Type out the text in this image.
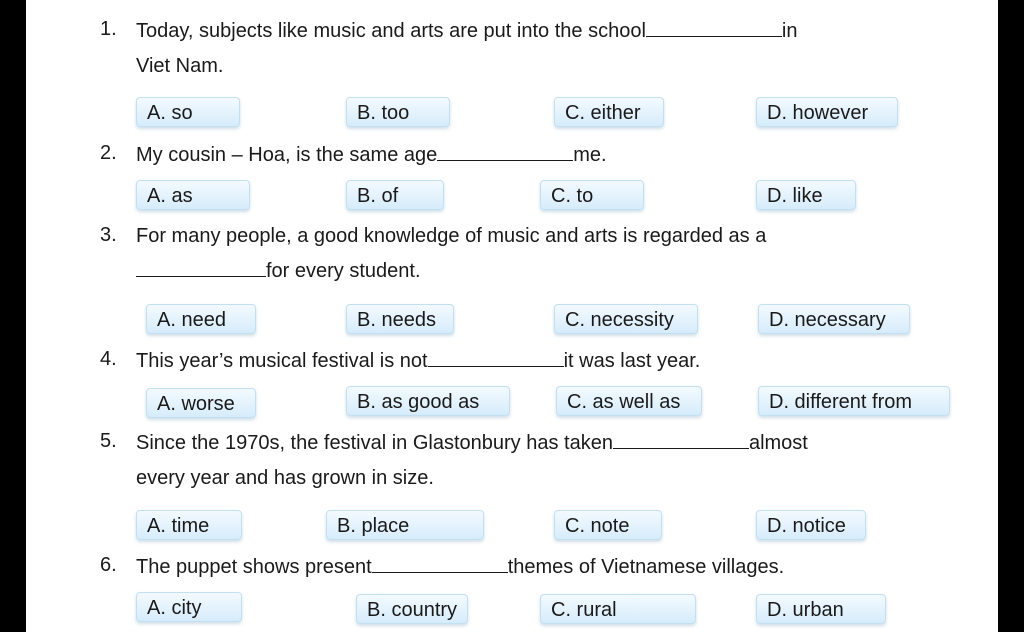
1. Today, subjects like music and arts are put into the school	in
Viet Nam.
A. so	B. too	C. either	D. however
2. My cousin – Hoa, is the same age	me.
A. as	B. of	C. to	D. like
3. For many people, a good knowledge of music and arts is regarded as a
for every student.
A. need	B. needs	C. necessity	D. necessary
4. This year’s musical festival is not	it was last year.
A. worse	B. as good as	C. as well as	D. different from
5. Since the 1970s, the festival in Glastonbury has taken	almost
every year and has grown in size.
A. time	B. place	C. note	D. notice
6. The puppet shows present	themes of Vietnamese villages.
A. city	B. country	C. rural	D. urban
